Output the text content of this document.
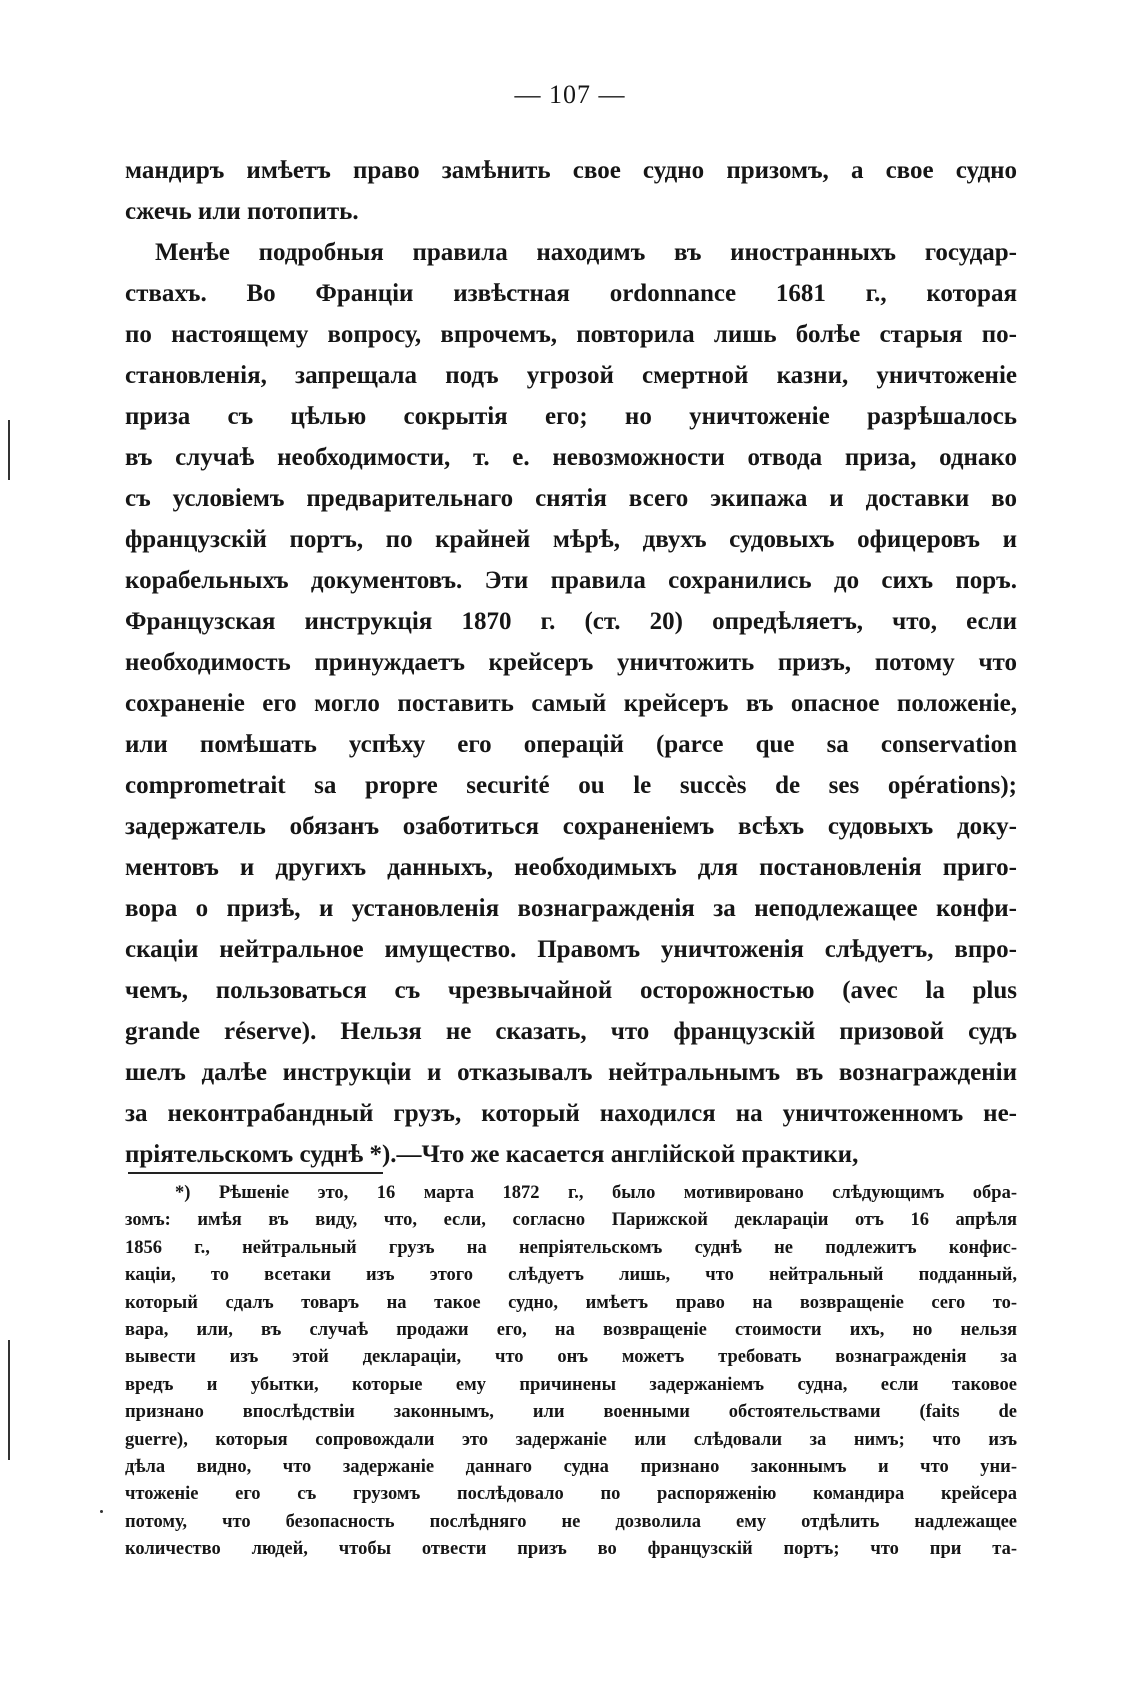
— 107 —

мандиръ имѣетъ право замѣнить свое судно призомъ, а свое судно

сжечь или потопить.

Менѣе подробныя правила находимъ въ иностранныхъ государ-

ствахъ. Во Франціи извѣстная ordonnance 1681 г., которая

по настоящему вопросу, впрочемъ, повторила лишь болѣе старыя по-

становленія, запрещала подъ угрозой смертной казни, уничтоженіе

приза съ цѣлью сокрытія его; но уничтоженіе разрѣшалось

въ случаѣ необходимости, т. е. невозможности отвода приза, однако

съ условіемъ предварительнаго снятія всего экипажа и доставки во

французскій портъ, по крайней мѣрѣ, двухъ судовыхъ офицеровъ и

корабельныхъ документовъ. Эти правила сохранились до сихъ поръ.

Французская инструкція 1870 г. (ст. 20) опредѣляетъ, что, если

необходимость принуждаетъ крейсеръ уничтожить призъ, потому что

сохраненіе его могло поставить самый крейсеръ въ опасное положеніе,

или помѣшать успѣху его операцій (parce que sa conservation

comprometrait sa propre securité ou le succès de ses opérations);

задержатель обязанъ озаботиться сохраненіемъ всѣхъ судовыхъ доку-

ментовъ и другихъ данныхъ, необходимыхъ для постановленія приго-

вора о призѣ, и установленія вознагражденія за неподлежащее конфи-

скаціи нейтральное имущество. Правомъ уничтоженія слѣдуетъ, впро-

чемъ, пользоваться съ чрезвычайной осторожностью (avec la plus

grande réserve). Нельзя не сказать, что французскій призовой судъ

шелъ далѣе инструкціи и отказывалъ нейтральнымъ въ вознагражденіи

за неконтрабандный грузъ, который находился на уничтоженномъ не-

пріятельскомъ суднѣ *).—Что же касается англійской практики,

*) Рѣшеніе это, 16 марта 1872 г., было мотивировано слѣдующимъ обра-

зомъ: имѣя въ виду, что, если, согласно Парижской декларацiи отъ 16 апрѣля

1856 г., нейтральный грузъ на непріятельскомъ суднѣ не подлежитъ конфис-

каціи, то всетаки изъ этого слѣдуетъ лишь, что нейтральный подданный,

который сдалъ товаръ на такое судно, имѣетъ право на возвращеніе сего то-

вара, или, въ случаѣ продажи его, на возвращеніе стоимости ихъ, но нельзя

вывести изъ этой декларацiи, что онъ можетъ требовать вознагражденія за

вредъ и убытки, которые ему причинены задержаніемъ судна, если таковое

признано впослѣдствіи законнымъ, или военными обстоятельствами (faits de

guerre), которыя сопровождали это задержаніе или слѣдовали за нимъ; что изъ

дѣла видно, что задержаніе даннаго судна признано законнымъ и что уни-

чтоженіе его съ грузомъ послѣдовало по распоряженію командира крейсера

потому, что безопасность послѣдняго не дозволила ему отдѣлить надлежащее

количество людей, чтобы отвести призъ во французскій портъ; что при та-
